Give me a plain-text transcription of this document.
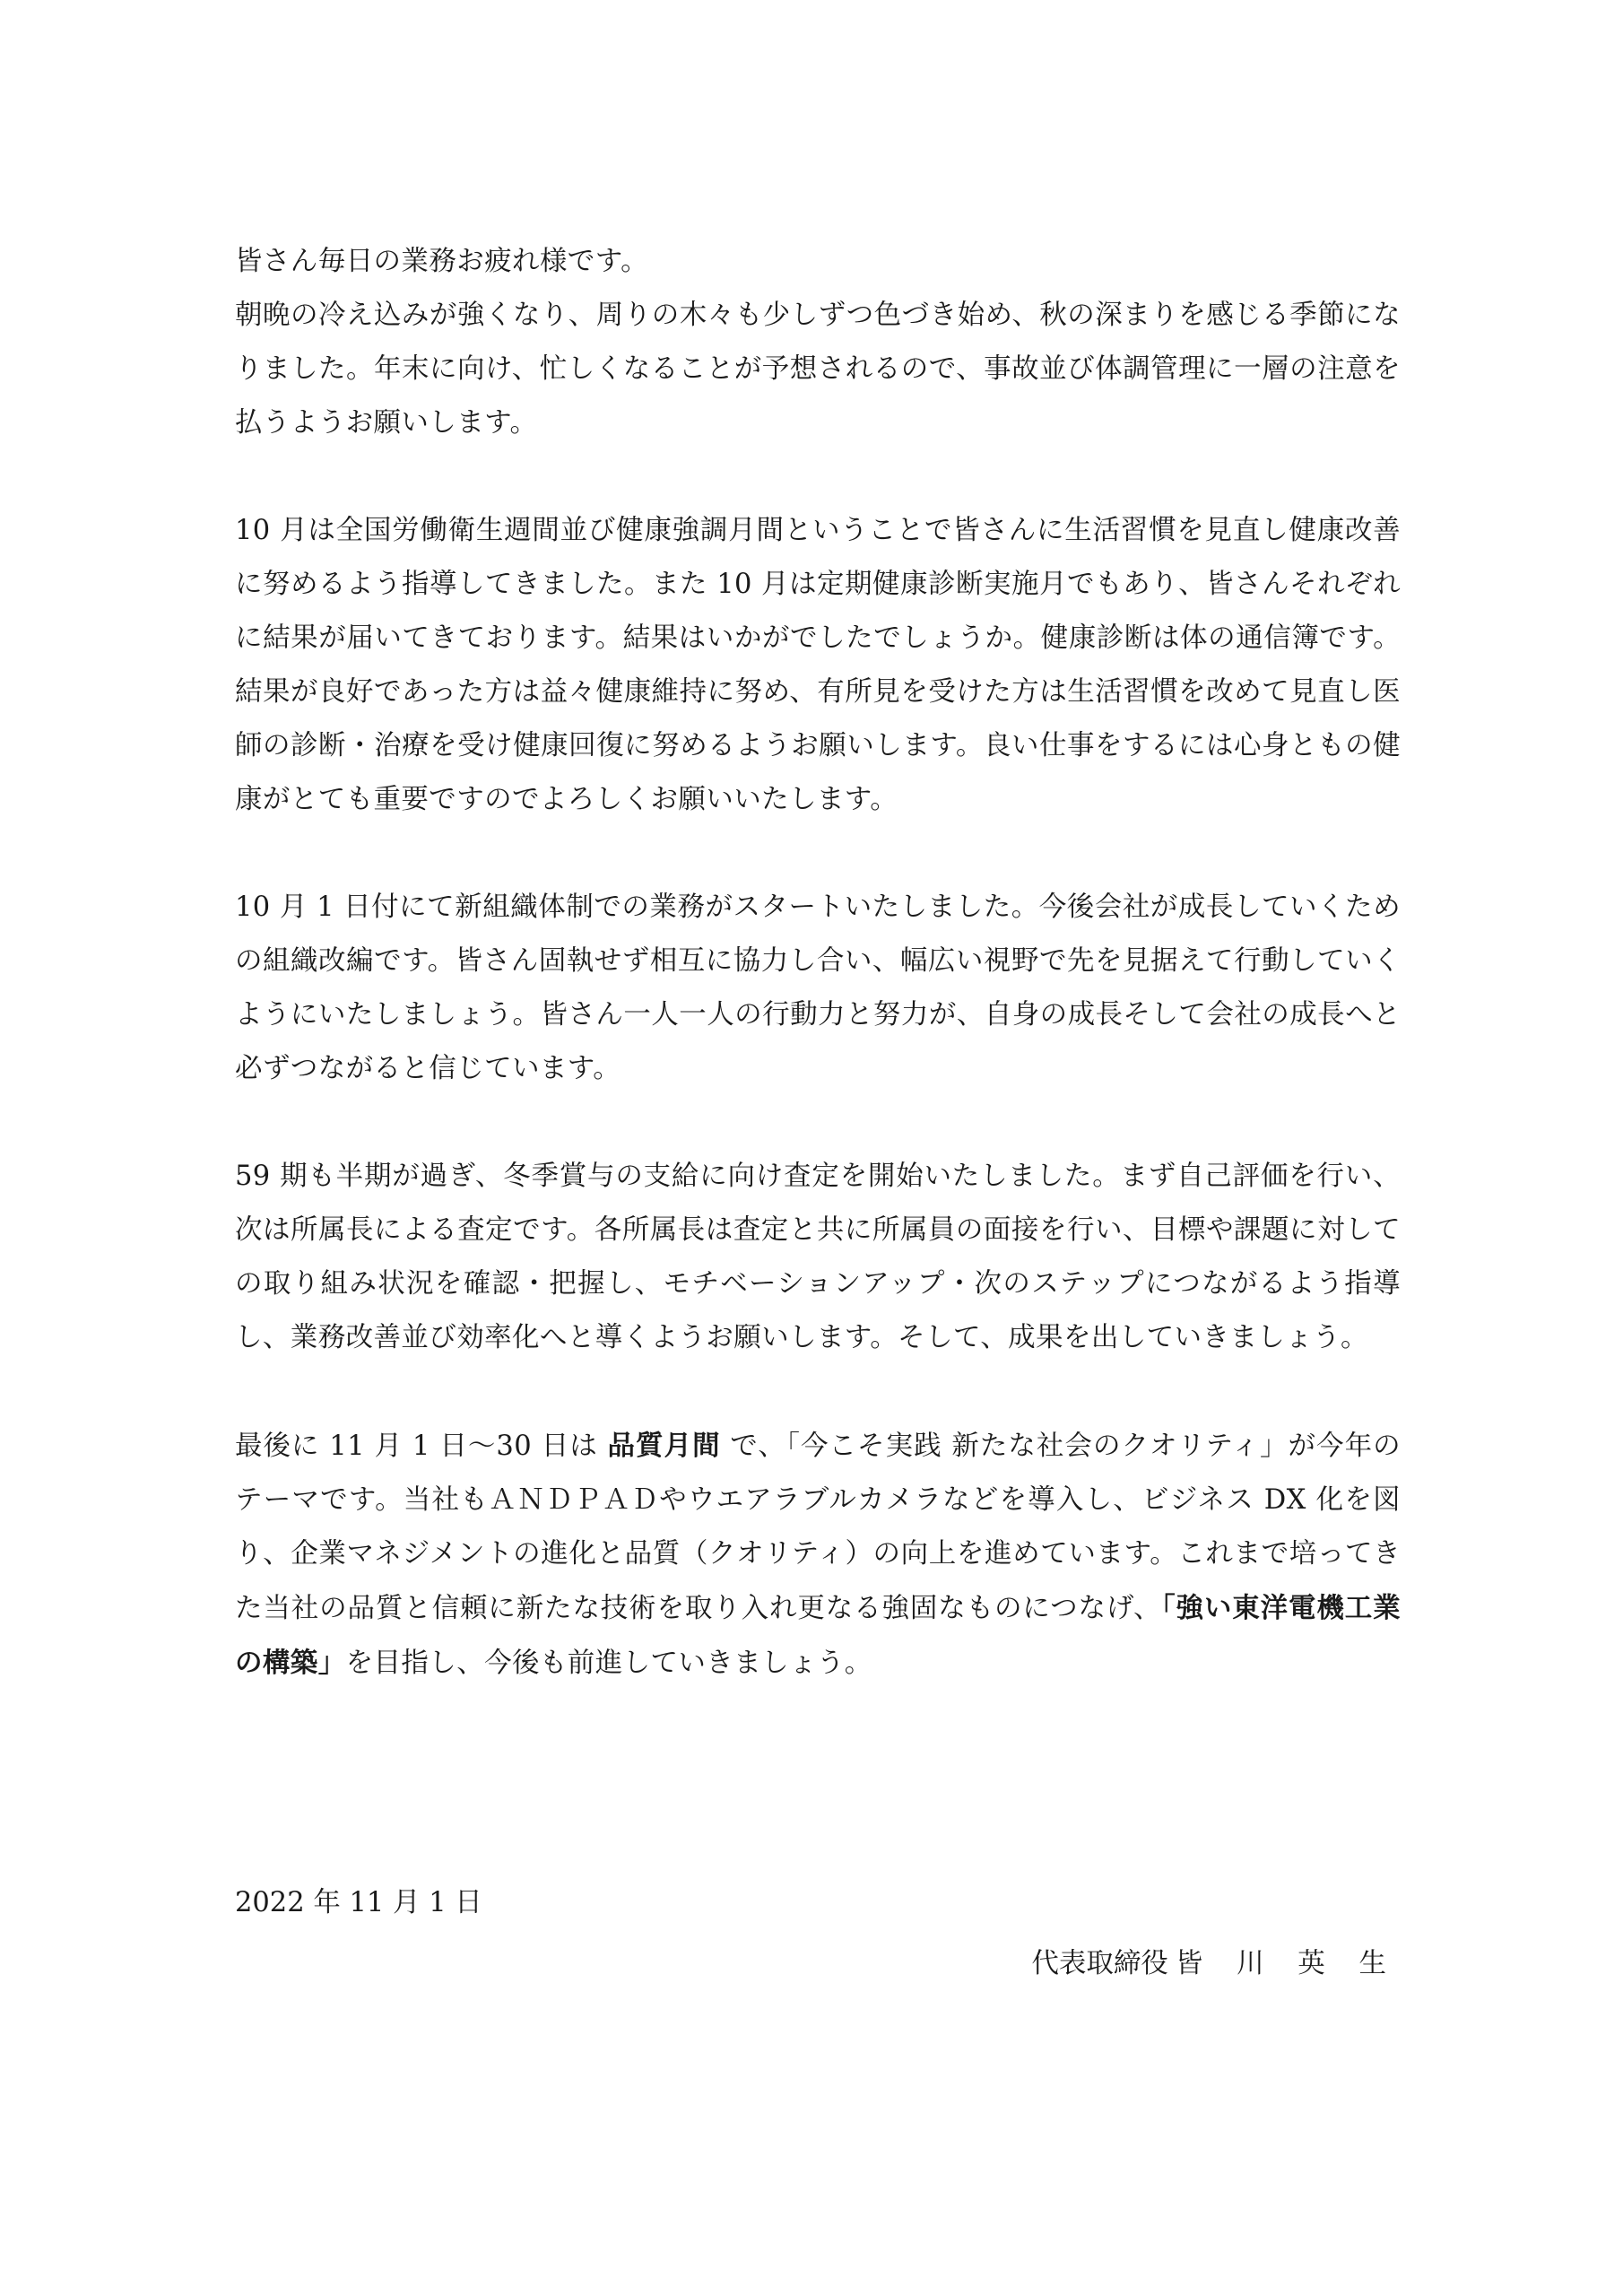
皆さん毎日の業務お疲れ様です。
朝晩の冷え込みが強くなり、周りの木々も少しずつ色づき始め、秋の深まりを感じる季節になりました。年末に向け、忙しくなることが予想されるので、事故並び体調管理に一層の注意を払うようお願いします。

10 月は全国労働衛生週間並び健康強調月間ということで皆さんに生活習慣を見直し健康改善に努めるよう指導してきました。また 10 月は定期健康診断実施月でもあり、皆さんそれぞれに結果が届いてきております。結果はいかがでしたでしょうか。健康診断は体の通信簿です。結果が良好であった方は益々健康維持に努め、有所見を受けた方は生活習慣を改めて見直し医師の診断・治療を受け健康回復に努めるようお願いします。良い仕事をするには心身ともの健康がとても重要ですのでよろしくお願いいたします。

10 月 1 日付にて新組織体制での業務がスタートいたしました。今後会社が成長していくための組織改編です。皆さん固執せず相互に協力し合い、幅広い視野で先を見据えて行動していくようにいたしましょう。皆さん一人一人の行動力と努力が、自身の成長そして会社の成長へと必ずつながると信じています。

59 期も半期が過ぎ、冬季賞与の支給に向け査定を開始いたしました。まず自己評価を行い、次は所属長による査定です。各所属長は査定と共に所属員の面接を行い、目標や課題に対しての取り組み状況を確認・把握し、モチベーションアップ・次のステップにつながるよう指導し、業務改善並び効率化へと導くようお願いします。そして、成果を出していきましょう。

最後に 11 月 1 日～30 日は 品質月間 で、「今こそ実践 新たな社会のクオリティ」が今年のテーマです。当社もＡＮＤＰＡＤやウエアラブルカメラなどを導入し、ビジネス DX 化を図り、企業マネジメントの進化と品質（クオリティ）の向上を進めています。これまで培ってきた当社の品質と信頼に新たな技術を取り入れ更なる強固なものにつなげ、「強い東洋電機工業の構築」を目指し、今後も前進していきましょう。

2022 年 11 月 1 日
代表取締役 皆 川 英 生
